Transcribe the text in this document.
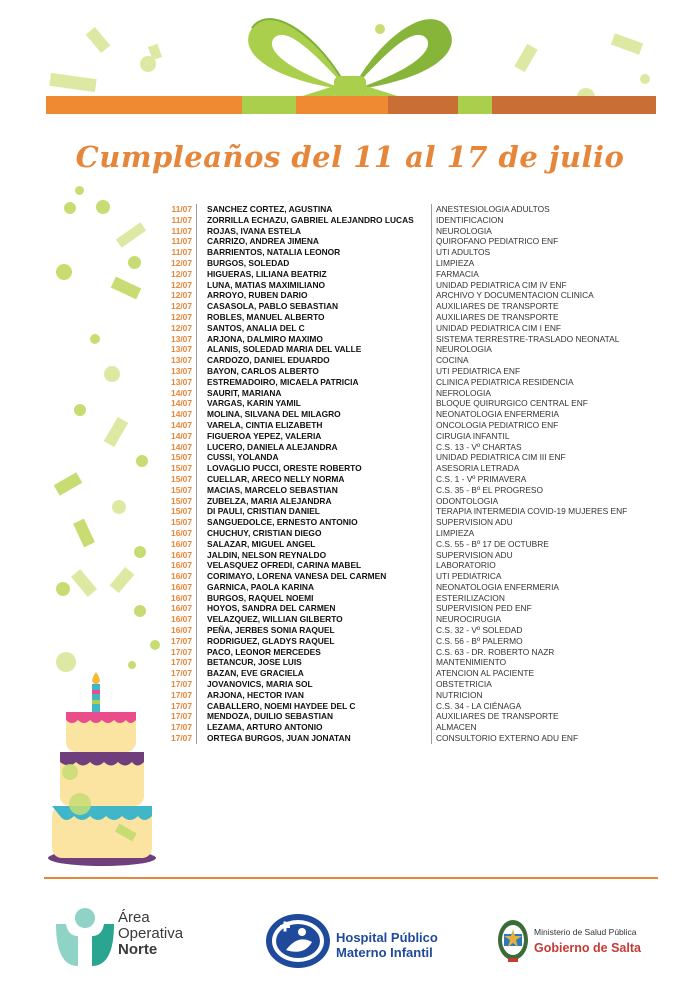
Cumpleaños del 11 al 17 de julio
11/07	SANCHEZ CORTEZ, AGUSTINA	ANESTESIOLOGIA ADULTOS
11/07	ZORRILLA ECHAZU, GABRIEL ALEJANDRO LUCAS	IDENTIFICACION
11/07	ROJAS, IVANA ESTELA	NEUROLOGIA
11/07	CARRIZO, ANDREA JIMENA	QUIROFANO PEDIATRICO ENF
11/07	BARRIENTOS, NATALIA LEONOR	UTI ADULTOS
12/07	BURGOS, SOLEDAD	LIMPIEZA
12/07	HIGUERAS, LILIANA BEATRIZ	FARMACIA
12/07	LUNA, MATIAS MAXIMILIANO	UNIDAD PEDIATRICA CIM IV ENF
12/07	ARROYO, RUBEN DARIO	ARCHIVO Y DOCUMENTACION CLINICA
12/07	CASASOLA, PABLO SEBASTIAN	AUXILIARES DE TRANSPORTE
12/07	ROBLES, MANUEL ALBERTO	AUXILIARES DE TRANSPORTE
12/07	SANTOS, ANALIA DEL C	UNIDAD PEDIATRICA CIM I ENF
13/07	ARJONA, DALMIRO MAXIMO	SISTEMA TERRESTRE-TRASLADO NEONATAL
13/07	ALANIS, SOLEDAD MARIA DEL VALLE	NEUROLOGIA
13/07	CARDOZO, DANIEL EDUARDO	COCINA
13/07	BAYON, CARLOS ALBERTO	UTI PEDIATRICA ENF
13/07	ESTREMADOIRO, MICAELA PATRICIA	CLINICA PEDIATRICA RESIDENCIA
14/07	SAURIT, MARIANA	NEFROLOGIA
14/07	VARGAS, KARIN YAMIL	BLOQUE QUIRURGICO CENTRAL ENF
14/07	MOLINA, SILVANA DEL MILAGRO	NEONATOLOGIA ENFERMERIA
14/07	VARELA, CINTIA ELIZABETH	ONCOLOGIA PEDIATRICO ENF
14/07	FIGUEROA YEPEZ, VALERIA	CIRUGIA INFANTIL
14/07	LUCERO, DANIELA ALEJANDRA	C.S. 13 - Vº CHARTAS
15/07	CUSSI, YOLANDA	UNIDAD PEDIATRICA CIM III ENF
15/07	LOVAGLIO PUCCI, ORESTE ROBERTO	ASESORIA LETRADA
15/07	CUELLAR, ARECO NELLY NORMA	C.S. 1 - Vº PRIMAVERA
15/07	MACIAS, MARCELO SEBASTIAN	C.S. 35 - Bº EL PROGRESO
15/07	ZUBELZA, MARIA ALEJANDRA	ODONTOLOGIA
15/07	DI PAULI, CRISTIAN DANIEL	TERAPIA INTERMEDIA COVID-19 MUJERES ENF
15/07	SANGUEDOLCE, ERNESTO ANTONIO	SUPERVISION ADU
16/07	CHUCHUY, CRISTIAN DIEGO	LIMPIEZA
16/07	SALAZAR, MIGUEL ANGEL	C.S. 55 - Bº 17 DE OCTUBRE
16/07	JALDIN, NELSON REYNALDO	SUPERVISION ADU
16/07	VELASQUEZ OFREDI, CARINA MABEL	LABORATORIO
16/07	CORIMAYO, LORENA VANESA DEL CARMEN	UTI PEDIATRICA
16/07	GARNICA, PAOLA KARINA	NEONATOLOGIA ENFERMERIA
16/07	BURGOS, RAQUEL NOEMI	ESTERILIZACION
16/07	HOYOS, SANDRA DEL CARMEN	SUPERVISION PED ENF
16/07	VELAZQUEZ, WILLIAN GILBERTO	NEUROCIRUGIA
16/07	PEÑA, JERBES SONIA RAQUEL	C.S. 32 - Vº SOLEDAD
17/07	RODRIGUEZ, GLADYS RAQUEL	C.S. 56 - Bº PALERMO
17/07	PACO, LEONOR MERCEDES	C.S. 63 - DR. ROBERTO NAZR
17/07	BETANCUR, JOSE LUIS	MANTENIMIENTO
17/07	BAZAN, EVE GRACIELA	ATENCION AL PACIENTE
17/07	JOVANOVICS, MARIA SOL	OBSTETRICIA
17/07	ARJONA, HECTOR IVAN	NUTRICION
17/07	CABALLERO, NOEMI HAYDEE DEL C	C.S. 34 - LA CIÉNAGA
17/07	MENDOZA, DUILIO SEBASTIAN	AUXILIARES DE TRANSPORTE
17/07	LEZAMA, ARTURO ANTONIO	ALMACEN
17/07	ORTEGA BURGOS, JUAN JONATAN	CONSULTORIO EXTERNO ADU ENF
Área
Operativa
Norte
Hospital Público
Materno Infantil
Ministerio de Salud Pública
Gobierno de Salta
